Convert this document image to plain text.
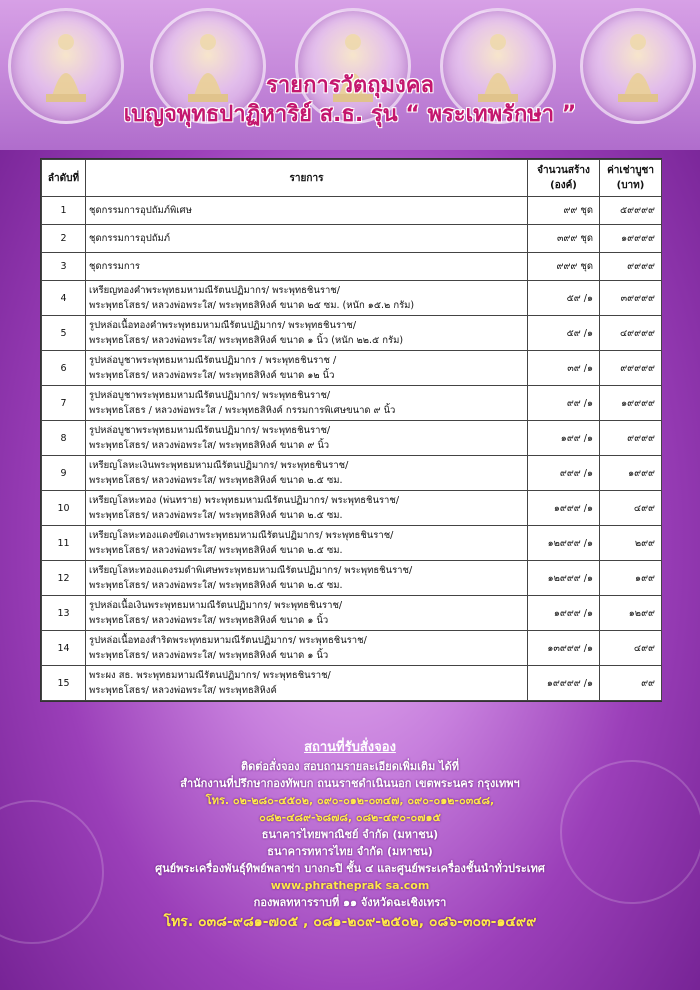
รายการวัตถุมงคล
เบญจพุทธปาฏิหาริย์ ส.ธ. รุ่น “ พระเทพรักษา ”
ลำดับที่	รายการ	จำนวนสร้าง
(องค์)	ค่าเช่าบูชา
(บาท)

1	ชุดกรรมการอุปถัมภ์พิเศษ	๙๙ ชุด	๕๙๙๙๙
2	ชุดกรรมการอุปถัมภ์	๓๙๙ ชุด	๑๙๙๙๙
3	ชุดกรรมการ	๙๙๙ ชุด	๙๙๙๙
4	เหรียญทองคำพระพุทธมหามณีรัตนปฏิมากร/ พระพุทธชินราช/
พระพุทธโสธร/ หลวงพ่อพระใส/ พระพุทธสิหิงค์ ขนาด ๒๕ ซม. (หนัก ๑๕.๒ กรัม)	๕๙ /๑	๓๙๙๙๙
5	รูปหล่อเนื้อทองคำพระพุทธมหามณีรัตนปฏิมากร/ พระพุทธชินราช/
พระพุทธโสธร/ หลวงพ่อพระใส/ พระพุทธสิหิงค์ ขนาด ๑ นิ้ว (หนัก ๒๒.๕ กรัม)	๕๙ /๑	๔๙๙๙๙
6	รูปหล่อบูชาพระพุทธมหามณีรัตนปฏิมากร / พระพุทธชินราช /
พระพุทธโสธร/ หลวงพ่อพระใส/ พระพุทธสิหิงค์ ขนาด ๑๒ นิ้ว	๓๙ /๑	๙๙๙๙๙
7	รูปหล่อบูชาพระพุทธมหามณีรัตนปฏิมากร/ พระพุทธชินราช/
พระพุทธโสธร / หลวงพ่อพระใส / พระพุทธสิหิงค์ กรรมการพิเศษขนาด ๙ นิ้ว	๙๙ /๑	๑๙๙๙๙
8	รูปหล่อบูชาพระพุทธมหามณีรัตนปฏิมากร/ พระพุทธชินราช/
พระพุทธโสธร/ หลวงพ่อพระใส/ พระพุทธสิหิงค์ ขนาด ๙ นิ้ว	๑๙๙ /๑	๙๙๙๙
9	เหรียญโลหะเงินพระพุทธมหามณีรัตนปฏิมากร/ พระพุทธชินราช/
พระพุทธโสธร/ หลวงพ่อพระใส/ พระพุทธสิหิงค์ ขนาด ๒.๕ ซม.	๙๙๙ /๑	๑๙๙๙
10	เหรียญโลหะทอง (พ่นทราย) พระพุทธมหามณีรัตนปฏิมากร/ พระพุทธชินราช/
พระพุทธโสธร/ หลวงพ่อพระใส/ พระพุทธสิหิงค์ ขนาด ๒.๕ ซม.	๑๙๙๙ /๑	๔๙๙
11	เหรียญโลหะทองแดงขัดเงาพระพุทธมหามณีรัตนปฏิมากร/ พระพุทธชินราช/
พระพุทธโสธร/ หลวงพ่อพระใส/ พระพุทธสิหิงค์ ขนาด ๒.๕ ซม.	๑๒๙๙๙ /๑	๒๙๙
12	เหรียญโลหะทองแดงรมดำพิเศษพระพุทธมหามณีรัตนปฏิมากร/ พระพุทธชินราช/
พระพุทธโสธร/ หลวงพ่อพระใส/ พระพุทธสิหิงค์ ขนาด ๒.๕ ซม.	๑๒๙๙๙ /๑	๑๙๙
13	รูปหล่อเนื้อเงินพระพุทธมหามณีรัตนปฏิมากร/ พระพุทธชินราช/
พระพุทธโสธร/ หลวงพ่อพระใส/ พระพุทธสิหิงค์ ขนาด ๑ นิ้ว	๑๙๙๙ /๑	๑๒๙๙
14	รูปหล่อเนื้อทองสำริดพระพุทธมหามณีรัตนปฏิมากร/ พระพุทธชินราช/
พระพุทธโสธร/ หลวงพ่อพระใส/ พระพุทธสิหิงค์ ขนาด ๑ นิ้ว	๑๓๙๙๙ /๑	๔๙๙
15	พระผง สธ. พระพุทธมหามณีรัตนปฏิมากร/ พระพุทธชินราช/
พระพุทธโสธร/ หลวงพ่อพระใส/ พระพุทธสิหิงค์	๑๙๙๙๙ /๑	๙๙
สถานที่รับสั่งจอง
ติดต่อสั่งจอง สอบถามรายละเอียดเพิ่มเติม ได้ที่
สำนักงานที่ปรึกษากองทัพบก ถนนราชดำเนินนอก เขตพระนคร กรุงเทพฯ
โทร. ๐๒-๒๘๐-๔๕๐๒, ๐๙๐-๐๑๒-๐๓๔๗, ๐๙๐-๐๑๒-๐๓๔๘,
๐๘๒-๔๘๙-๖๘๗๘, ๐๘๒-๔๙๐-๐๗๑๕
ธนาคารไทยพาณิชย์ จำกัด (มหาชน)
ธนาคารทหารไทย จำกัด (มหาชน)
ศูนย์พระเครื่องพันธุ์ทิพย์พลาซ่า บางกะปิ ชั้น ๔ และศูนย์พระเครื่องชั้นนำทั่วประเทศ
www.phratheprak sa.com
กองพลทหารราบที่ ๑๑ จังหวัดฉะเชิงเทรา
โทร. ๐๓๘-๙๘๑-๗๐๕ , ๐๘๑-๒๐๙-๒๕๐๒, ๐๘๖-๓๐๓-๑๔๙๙
